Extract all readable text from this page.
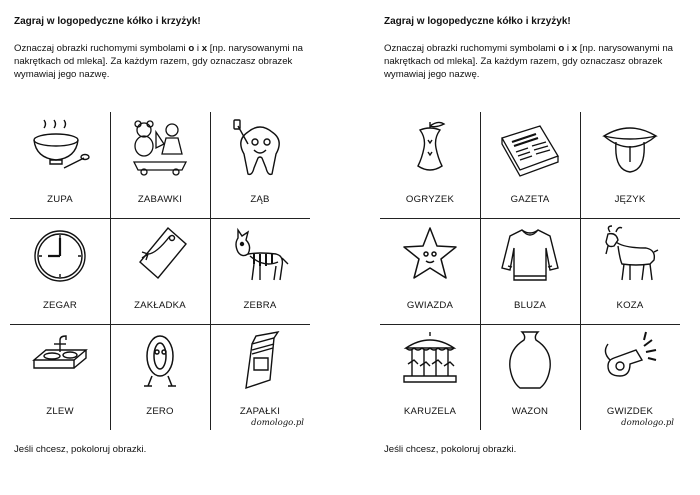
Zagraj w logopedyczne kółko i krzyżyk!
Oznaczaj obrazki ruchomymi symbolami o i x [np. narysowanymi na nakrętkach od mleka]. Za każdym razem, gdy oznaczasz obrazek wymawiaj jego nazwę.
ZUPA	ZABAWKI	ZĄB
ZEGAR	ZAKŁADKA	ZEBRA
ZLEW	ZERO	ZAPAŁKI
domologo.pl
Jeśli chcesz, pokoloruj obrazki.
Zagraj w logopedyczne kółko i krzyżyk!
Oznaczaj obrazki ruchomymi symbolami o i x [np. narysowanymi na nakrętkach od mleka]. Za każdym razem, gdy oznaczasz obrazek wymawiaj jego nazwę.
OGRYZEK	GAZETA	JĘZYK
GWIAZDA	BLUZA	KOZA
KARUZELA	WAZON	GWIZDEK
domologo.pl
Jeśli chcesz, pokoloruj obrazki.
